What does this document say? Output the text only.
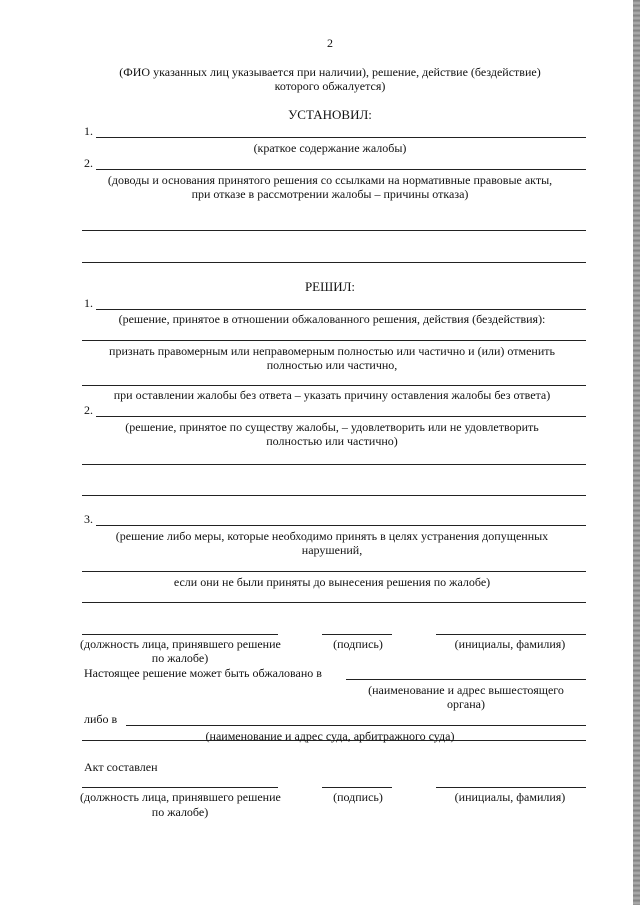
2
(ФИО указанных лиц указывается при наличии), решение, действие (бездействие)
которого обжалуется)
УСТАНОВИЛ:
1.
(краткое содержание жалобы)
2.
(доводы и основания принятого решения со ссылками на нормативные правовые акты,
при отказе в рассмотрении жалобы – причины отказа)
РЕШИЛ:
1.
(решение, принятое в отношении обжалованного решения, действия (бездействия):
признать правомерным или неправомерным полностью или частично и (или) отменить
полностью или частично,
при оставлении жалобы без ответа – указать причину оставления жалобы без ответа)
2.
(решение, принятое по существу жалобы, – удовлетворить или не удовлетворить
полностью или частично)
3.
(решение либо меры, которые необходимо принять в целях устранения допущенных
нарушений,
если они не были приняты до вынесения решения по жалобе)
(должность лица, принявшего решение
по жалобе)
(подпись)	(инициалы, фамилия)
Настоящее решение может быть обжаловано в
(наименование и адрес вышестоящего
органа)
либо в
(наименование и адрес суда, арбитражного суда)
Акт составлен
(должность лица, принявшего решение
по жалобе)
(подпись)	(инициалы, фамилия)
